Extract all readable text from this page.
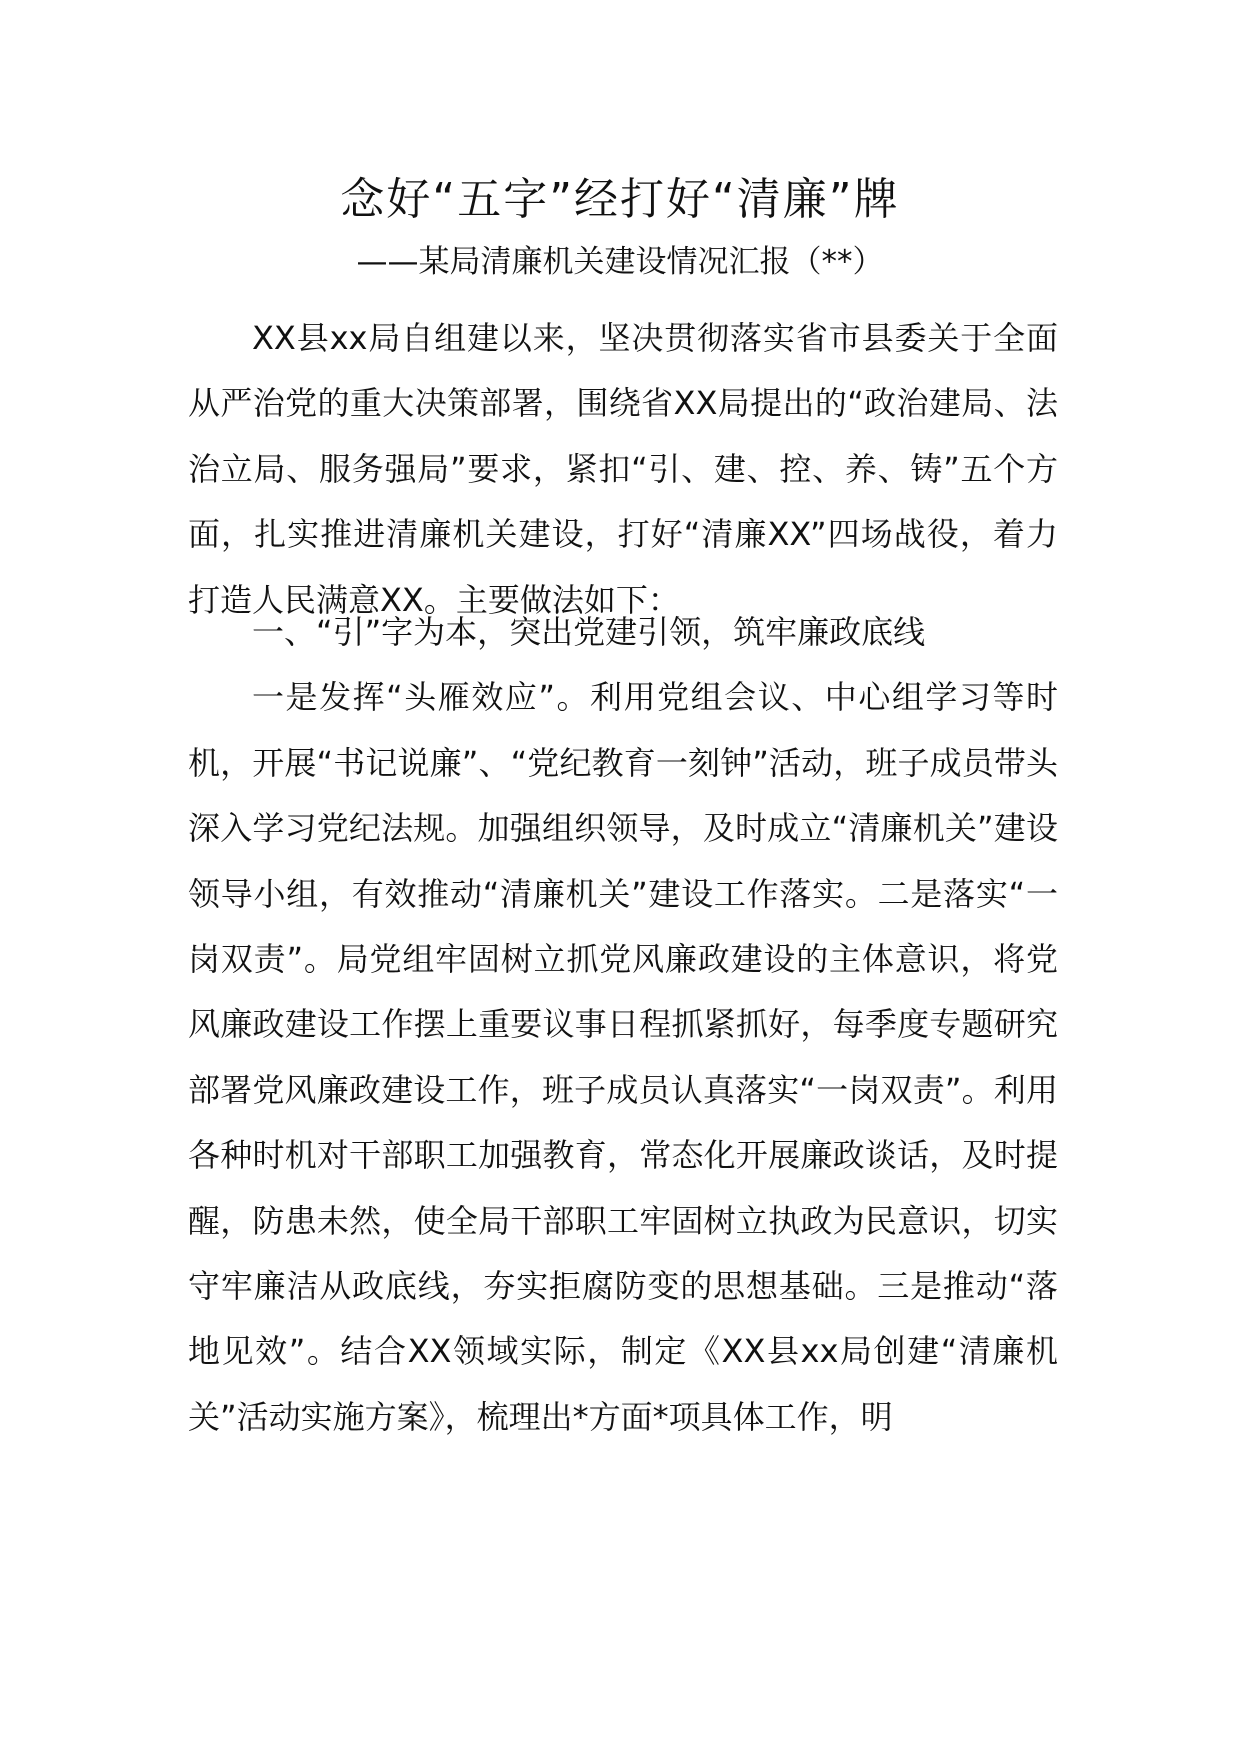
念好“五字”经打好“清廉”牌
——某局清廉机关建设情况汇报（**）

XX县xx局自组建以来，坚决贯彻落实省市县委关于全面从严治党的重大决策部署，围绕省XX局提出的“政治建局、法治立局、服务强局”要求，紧扣“引、建、控、养、铸”五个方面，扎实推进清廉机关建设，打好“清廉XX”四场战役，着力打造人民满意XX。主要做法如下：

一、“引”字为本，突出党建引领，筑牢廉政底线

一是发挥“头雁效应”。利用党组会议、中心组学习等时机，开展“书记说廉”、“党纪教育一刻钟”活动，班子成员带头深入学习党纪法规。加强组织领导，及时成立“清廉机关”建设领导小组，有效推动“清廉机关”建设工作落实。二是落实“一岗双责”。局党组牢固树立抓党风廉政建设的主体意识，将党风廉政建设工作摆上重要议事日程抓紧抓好，每季度专题研究部署党风廉政建设工作，班子成员认真落实“一岗双责”。利用各种时机对干部职工加强教育，常态化开展廉政谈话，及时提醒，防患未然，使全局干部职工牢固树立执政为民意识，切实守牢廉洁从政底线，夯实拒腐防变的思想基础。三是推动“落地见效”。结合XX领域实际，制定《XX县xx局创建“清廉机关”活动实施方案》，梳理出*方面*项具体工作，明
